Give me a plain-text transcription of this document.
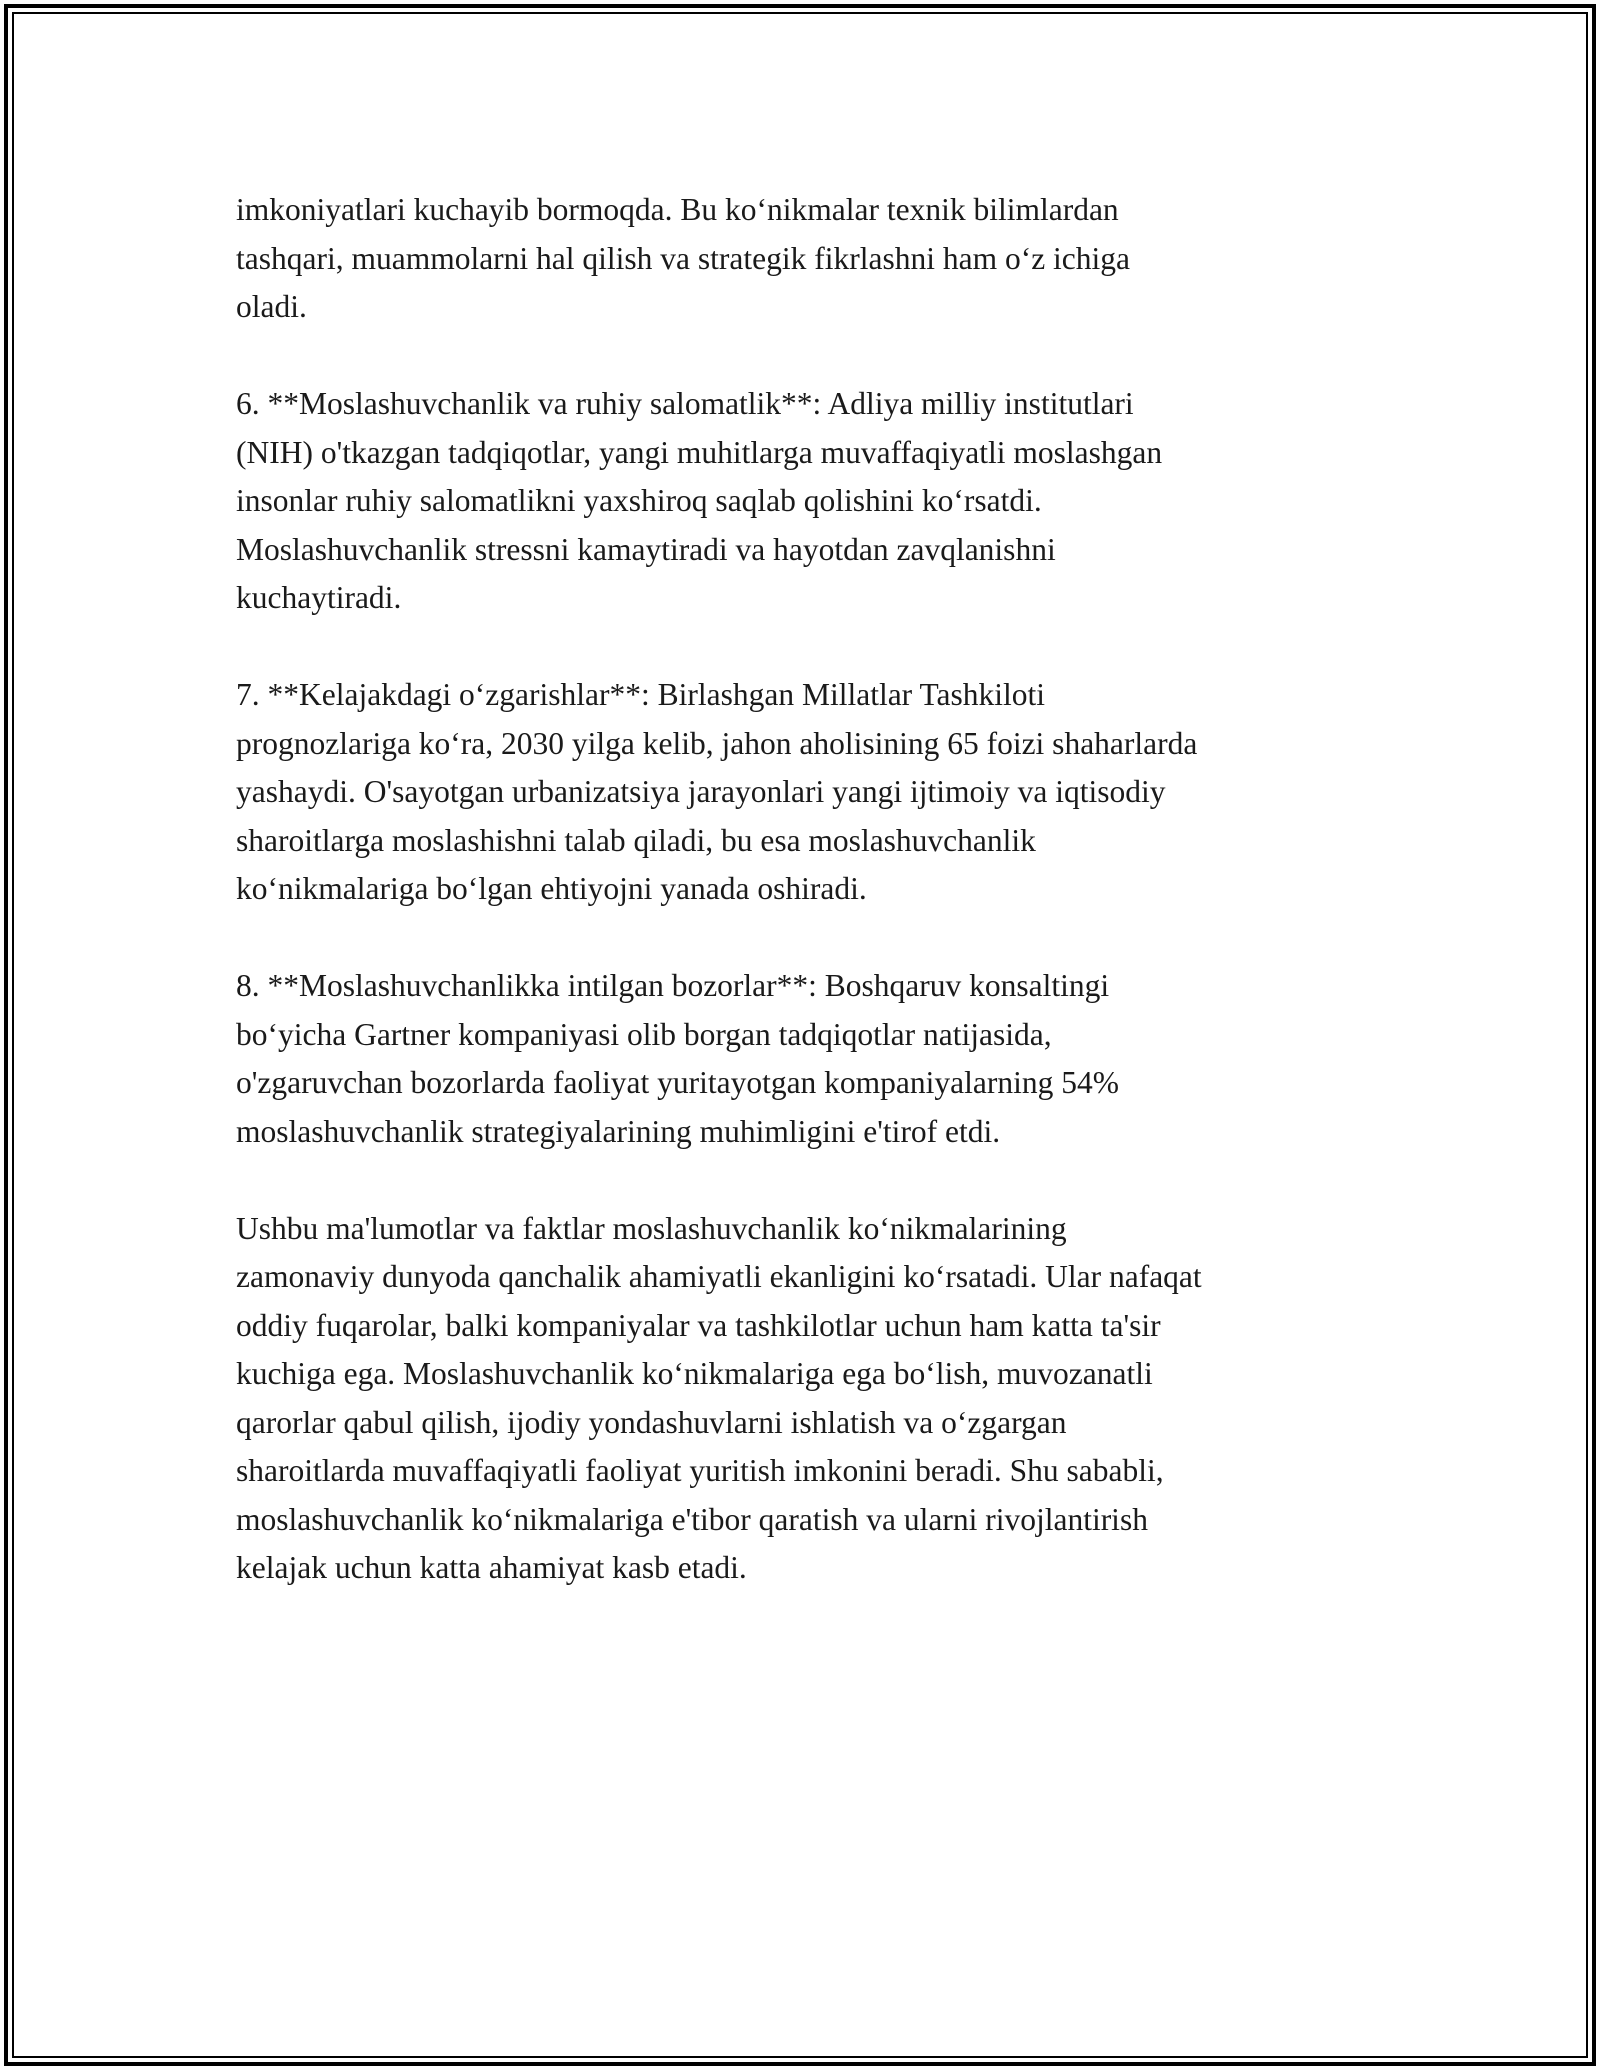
imkoniyatlari kuchayib bormoqda. Bu ko‘nikmalar texnik bilimlardan
tashqari, muammolarni hal qilish va strategik fikrlashni ham o‘z ichiga
oladi.

6. **Moslashuvchanlik va ruhiy salomatlik**: Adliya milliy institutlari
(NIH) o'tkazgan tadqiqotlar, yangi muhitlarga muvaffaqiyatli moslashgan
insonlar ruhiy salomatlikni yaxshiroq saqlab qolishini ko‘rsatdi.
Moslashuvchanlik stressni kamaytiradi va hayotdan zavqlanishni
kuchaytiradi.

7. **Kelajakdagi o‘zgarishlar**: Birlashgan Millatlar Tashkiloti
prognozlariga ko‘ra, 2030 yilga kelib, jahon aholisining 65 foizi shaharlarda
yashaydi. O'sayotgan urbanizatsiya jarayonlari yangi ijtimoiy va iqtisodiy
sharoitlarga moslashishni talab qiladi, bu esa moslashuvchanlik
ko‘nikmalariga bo‘lgan ehtiyojni yanada oshiradi.

8. **Moslashuvchanlikka intilgan bozorlar**: Boshqaruv konsaltingi
bo‘yicha Gartner kompaniyasi olib borgan tadqiqotlar natijasida,
o'zgaruvchan bozorlarda faoliyat yuritayotgan kompaniyalarning 54%
moslashuvchanlik strategiyalarining muhimligini e'tirof etdi.

Ushbu ma'lumotlar va faktlar moslashuvchanlik ko‘nikmalarining
zamonaviy dunyoda qanchalik ahamiyatli ekanligini ko‘rsatadi. Ular nafaqat
oddiy fuqarolar, balki kompaniyalar va tashkilotlar uchun ham katta ta'sir
kuchiga ega. Moslashuvchanlik ko‘nikmalariga ega bo‘lish, muvozanatli
qarorlar qabul qilish, ijodiy yondashuvlarni ishlatish va o‘zgargan
sharoitlarda muvaffaqiyatli faoliyat yuritish imkonini beradi. Shu sababli,
moslashuvchanlik ko‘nikmalariga e'tibor qaratish va ularni rivojlantirish
kelajak uchun katta ahamiyat kasb etadi.
